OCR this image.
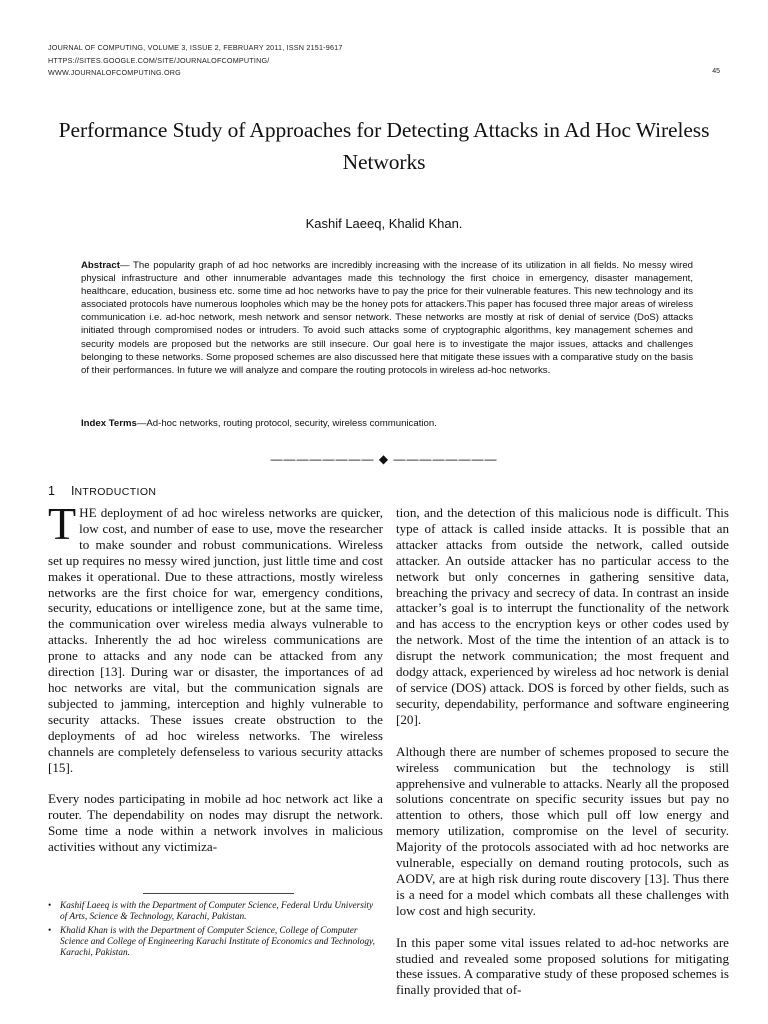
JOURNAL OF COMPUTING, VOLUME 3, ISSUE 2, FEBRUARY 2011, ISSN 2151-9617
HTTPS://SITES.GOOGLE.COM/SITE/JOURNALOFCOMPUTING/
WWW.JOURNALOFCOMPUTING.ORG	45
Performance Study of Approaches for Detecting Attacks in Ad Hoc Wireless Networks
Kashif Laeeq, Khalid Khan.
Abstract— The popularity graph of ad hoc networks are incredibly increasing with the increase of its utilization in all fields. No messy wired physical infrastructure and other innumerable advantages made this technology the first choice in emergency, disaster management, healthcare, education, business etc. some time ad hoc networks have to pay the price for their vulnerable features. This new technology and its associated protocols have numerous loopholes which may be the honey pots for attackers.This paper has focused three major areas of wireless communication i.e. ad-hoc network, mesh network and sensor network. These networks are mostly at risk of denial of service (DoS) attacks initiated through compromised nodes or intruders. To avoid such attacks some of cryptographic algorithms, key management schemes and security models are proposed but the networks are still insecure. Our goal here is to investigate the major issues, attacks and challenges belonging to these networks. Some proposed schemes are also discussed here that mitigate these issues with a comparative study on the basis of their performances. In future we will analyze and compare the routing protocols in wireless ad-hoc networks.
Index Terms—Ad-hoc networks, routing protocol, security, wireless communication.
———————— ◆ ————————
1 INTRODUCTION

THE deployment of ad hoc wireless networks are quicker, low cost, and number of ease to use, move the researcher to make sounder and robust communications. Wireless set up requires no messy wired junction, just little time and cost makes it operational. Due to these attractions, mostly wireless networks are the first choice for war, emergency conditions, security, educations or intelligence zone, but at the same time, the communication over wireless media always vulnerable to attacks. Inherently the ad hoc wireless communications are prone to attacks and any node can be attacked from any direction [13]. During war or disaster, the importances of ad hoc networks are vital, but the communication signals are subjected to jamming, interception and highly vulnerable to security attacks. These issues create obstruction to the deployments of ad hoc wireless networks. The wireless channels are completely defenseless to various security attacks [15].

Every nodes participating in mobile ad hoc network act like a router. The dependability on nodes may disrupt the network. Some time a node within a network involves in malicious activities without any victimiza-

• Kashif Laeeq is with the Department of Computer Science, Federal Urdu University of Arts, Science & Technology, Karachi, Pakistan.
• Khalid Khan is with the Department of Computer Science, College of Computer Science and College of Engineering Karachi Institute of Economics and Technology, Karachi, Pakistan.

tion, and the detection of this malicious node is difficult. This type of attack is called inside attacks. It is possible that an attacker attacks from outside the network, called outside attacker. An outside attacker has no particular access to the network but only concernes in gathering sensitive data, breaching the privacy and secrecy of data. In contrast an inside attacker’s goal is to interrupt the functionality of the network and has access to the encryption keys or other codes used by the network. Most of the time the intention of an attack is to disrupt the network communication; the most frequent and dodgy attack, experienced by wireless ad hoc network is denial of service (DOS) attack. DOS is forced by other fields, such as security, dependability, performance and software engineering [20].

Although there are number of schemes proposed to secure the wireless communication but the technology is still apprehensive and vulnerable to attacks. Nearly all the proposed solutions concentrate on specific security issues but pay no attention to others, those which pull off low energy and memory utilization, compromise on the level of security. Majority of the protocols associated with ad hoc networks are vulnerable, especially on demand routing protocols, such as AODV, are at high risk during route discovery [13]. Thus there is a need for a model which combats all these challenges with low cost and high security.

In this paper some vital issues related to ad-hoc networks are studied and revealed some proposed solutions for mitigating these issues. A comparative study of these proposed schemes is finally provided that of-
